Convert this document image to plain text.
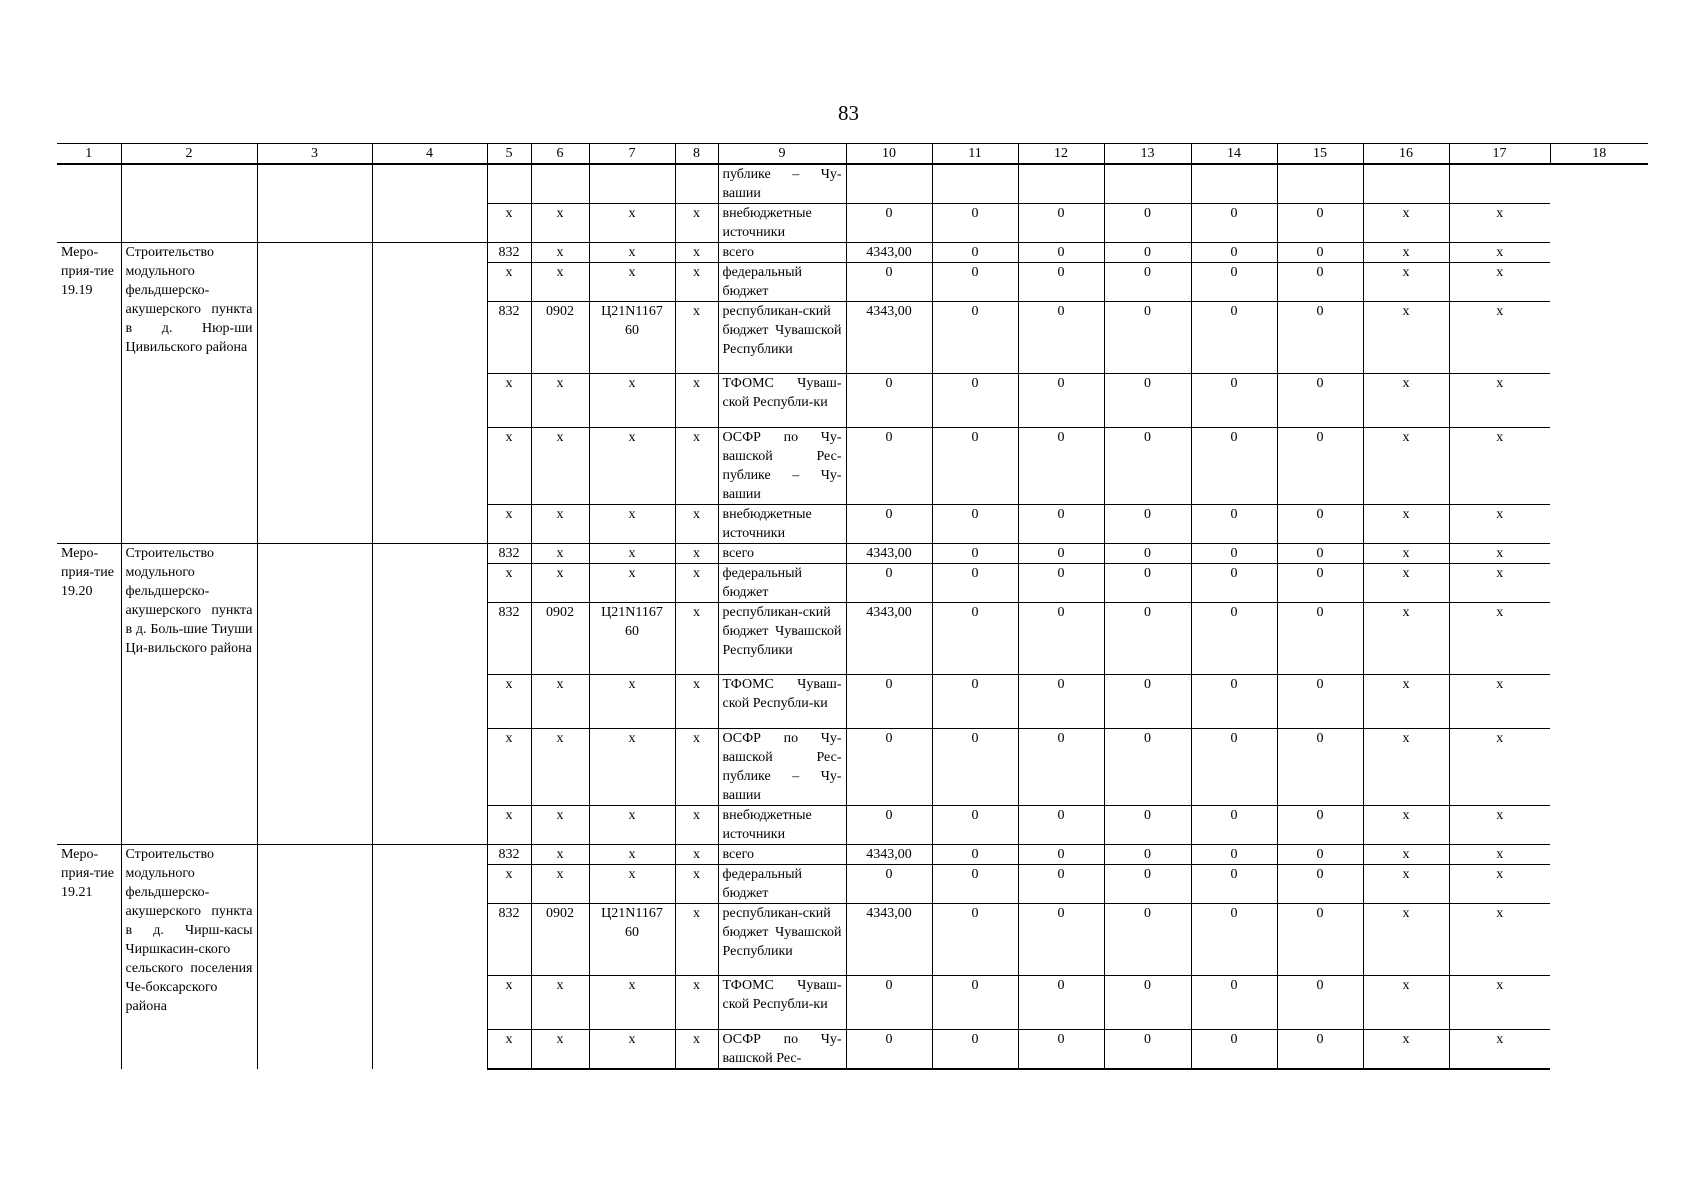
83
1	2	3	4	5	6	7	8	9	10	11	12	13	14	15	16	17	18
								публике – Чу-вашии									
				х	х	х	х	внебюджетные источники	0	0	0	0	0	0	х	х	
Меро-прия-тие 19.19	Строительство модульного фельдшерско-акушерского пункта в д. Нюр-ши Цивильского района			832	х	х	х	всего	4343,00	0	0	0	0	0	х	х	
				х	х	х	х	федеральный бюджет	0	0	0	0	0	0	х	х	
				832	0902	Ц21N1167 60	х	республикан-ский бюджет Чувашской Республики	4343,00	0	0	0	0	0	х	х	
				х	х	х	х	ТФОМС Чуваш-ской Республи-ки	0	0	0	0	0	0	х	х	
				х	х	х	х	ОСФР по Чу-вашской Рес-публике – Чу-вашии	0	0	0	0	0	0	х	х	
				х	х	х	х	внебюджетные источники	0	0	0	0	0	0	х	х	
Меро-прия-тие 19.20	Строительство модульного фельдшерско-акушерского пункта в д. Боль-шие Тиуши Ци-вильского района			832	х	х	х	всего	4343,00	0	0	0	0	0	х	х	
				х	х	х	х	федеральный бюджет	0	0	0	0	0	0	х	х	
				832	0902	Ц21N1167 60	х	республикан-ский бюджет Чувашской Республики	4343,00	0	0	0	0	0	х	х	
				х	х	х	х	ТФОМС Чуваш-ской Республи-ки	0	0	0	0	0	0	х	х	
				х	х	х	х	ОСФР по Чу-вашской Рес-публике – Чу-вашии	0	0	0	0	0	0	х	х	
				х	х	х	х	внебюджетные источники	0	0	0	0	0	0	х	х	
Меро-прия-тие 19.21	Строительство модульного фельдшерско-акушерского пункта в д. Чирш-касы Чиршкасин-ского сельского поселения Че-боксарского района			832	х	х	х	всего	4343,00	0	0	0	0	0	х	х	
				х	х	х	х	федеральный бюджет	0	0	0	0	0	0	х	х	
				832	0902	Ц21N1167 60	х	республикан-ский бюджет Чувашской Республики	4343,00	0	0	0	0	0	х	х	
				х	х	х	х	ТФОМС Чуваш-ской Республи-ки	0	0	0	0	0	0	х	х	
				х	х	х	х	ОСФР по Чу-вашской Рес-	0	0	0	0	0	0	х	х	
